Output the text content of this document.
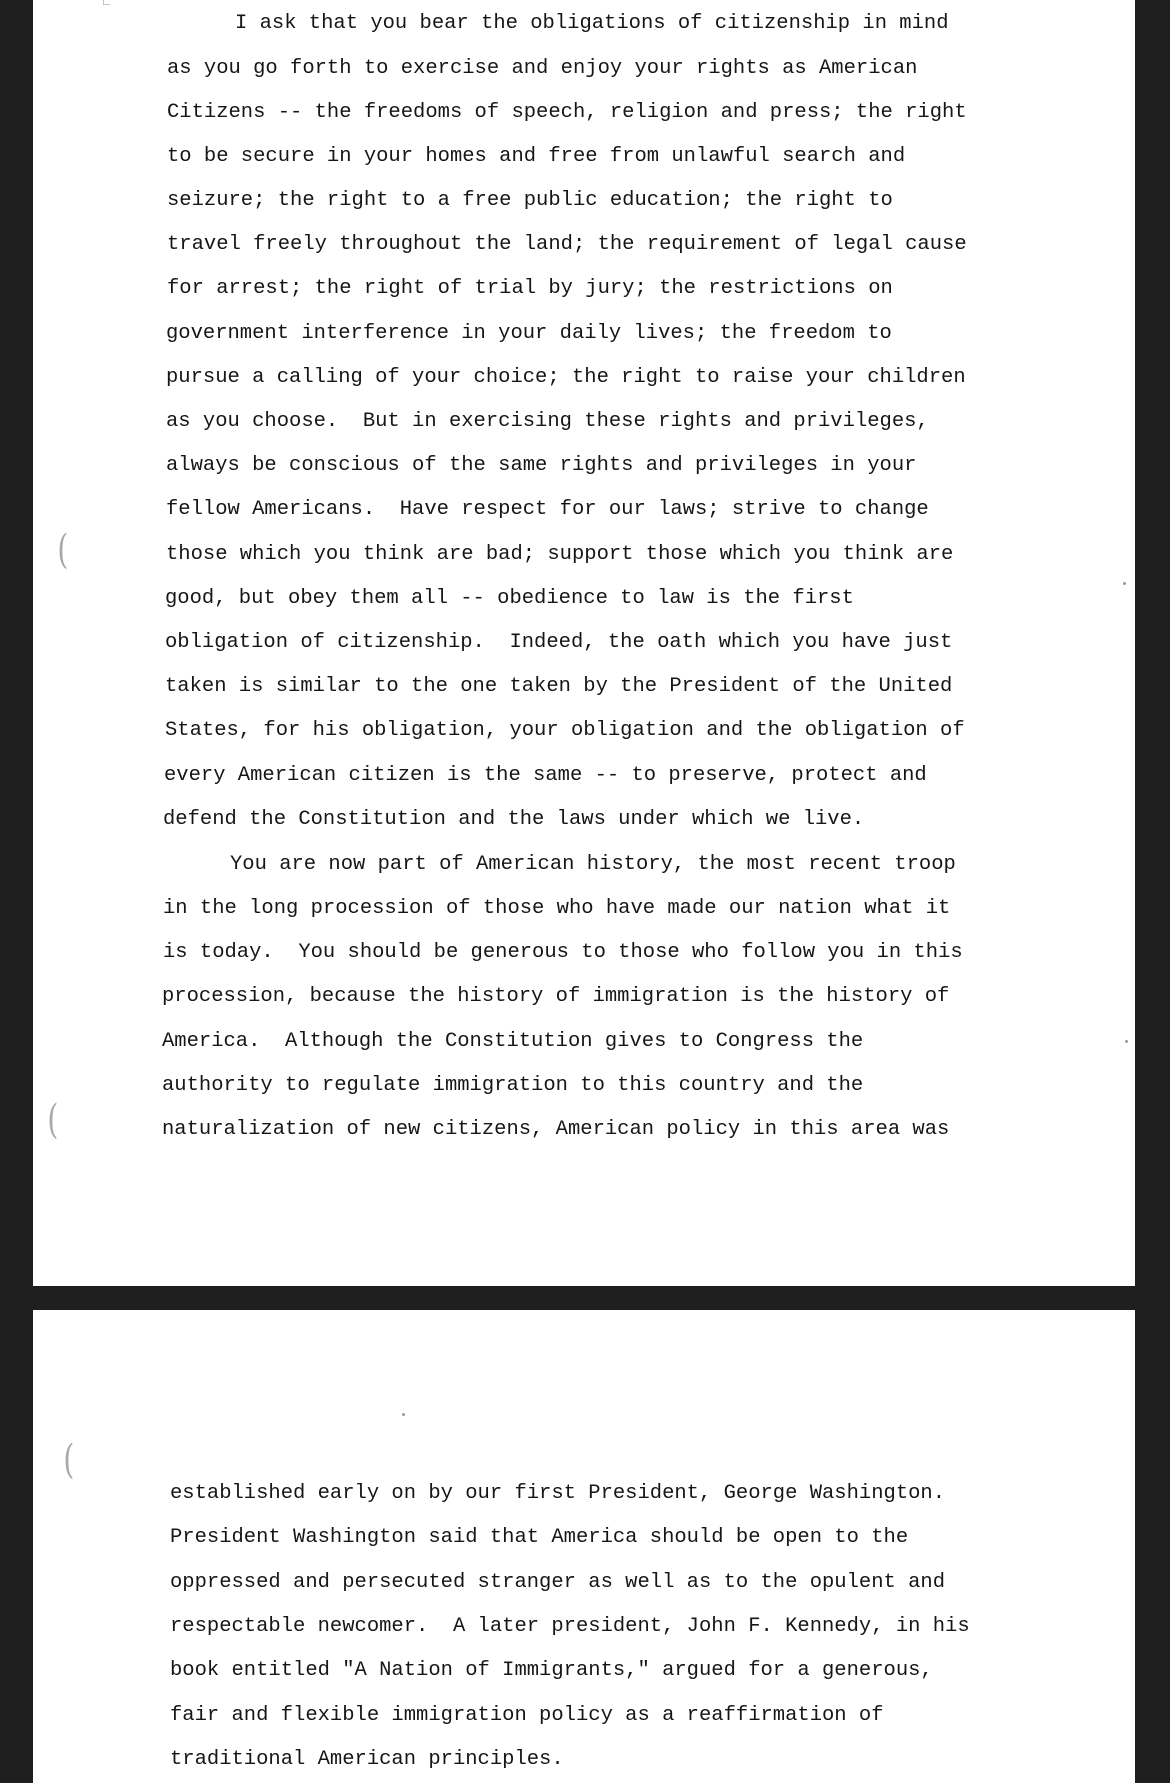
I ask that you bear the obligations of citizenship in mind

as you go forth to exercise and enjoy your rights as American

Citizens -- the freedoms of speech, religion and press; the right

to be secure in your homes and free from unlawful search and

seizure; the right to a free public education; the right to

travel freely throughout the land; the requirement of legal cause

for arrest; the right of trial by jury; the restrictions on

government interference in your daily lives; the freedom to

pursue a calling of your choice; the right to raise your children

as you choose.  But in exercising these rights and privileges,

always be conscious of the same rights and privileges in your

fellow Americans.  Have respect for our laws; strive to change

those which you think are bad; support those which you think are

good, but obey them all -- obedience to law is the first

obligation of citizenship.  Indeed, the oath which you have just

taken is similar to the one taken by the President of the United

States, for his obligation, your obligation and the obligation of

every American citizen is the same -- to preserve, protect and

defend the Constitution and the laws under which we live.

You are now part of American history, the most recent troop

in the long procession of those who have made our nation what it

is today.  You should be generous to those who follow you in this

procession, because the history of immigration is the history of

America.  Although the Constitution gives to Congress the

authority to regulate immigration to this country and the

naturalization of new citizens, American policy in this area was

(
(
(

established early on by our first President, George Washington.

President Washington said that America should be open to the

oppressed and persecuted stranger as well as to the opulent and

respectable newcomer.  A later president, John F. Kennedy, in his

book entitled "A Nation of Immigrants," argued for a generous,

fair and flexible immigration policy as a reaffirmation of

traditional American principles.
